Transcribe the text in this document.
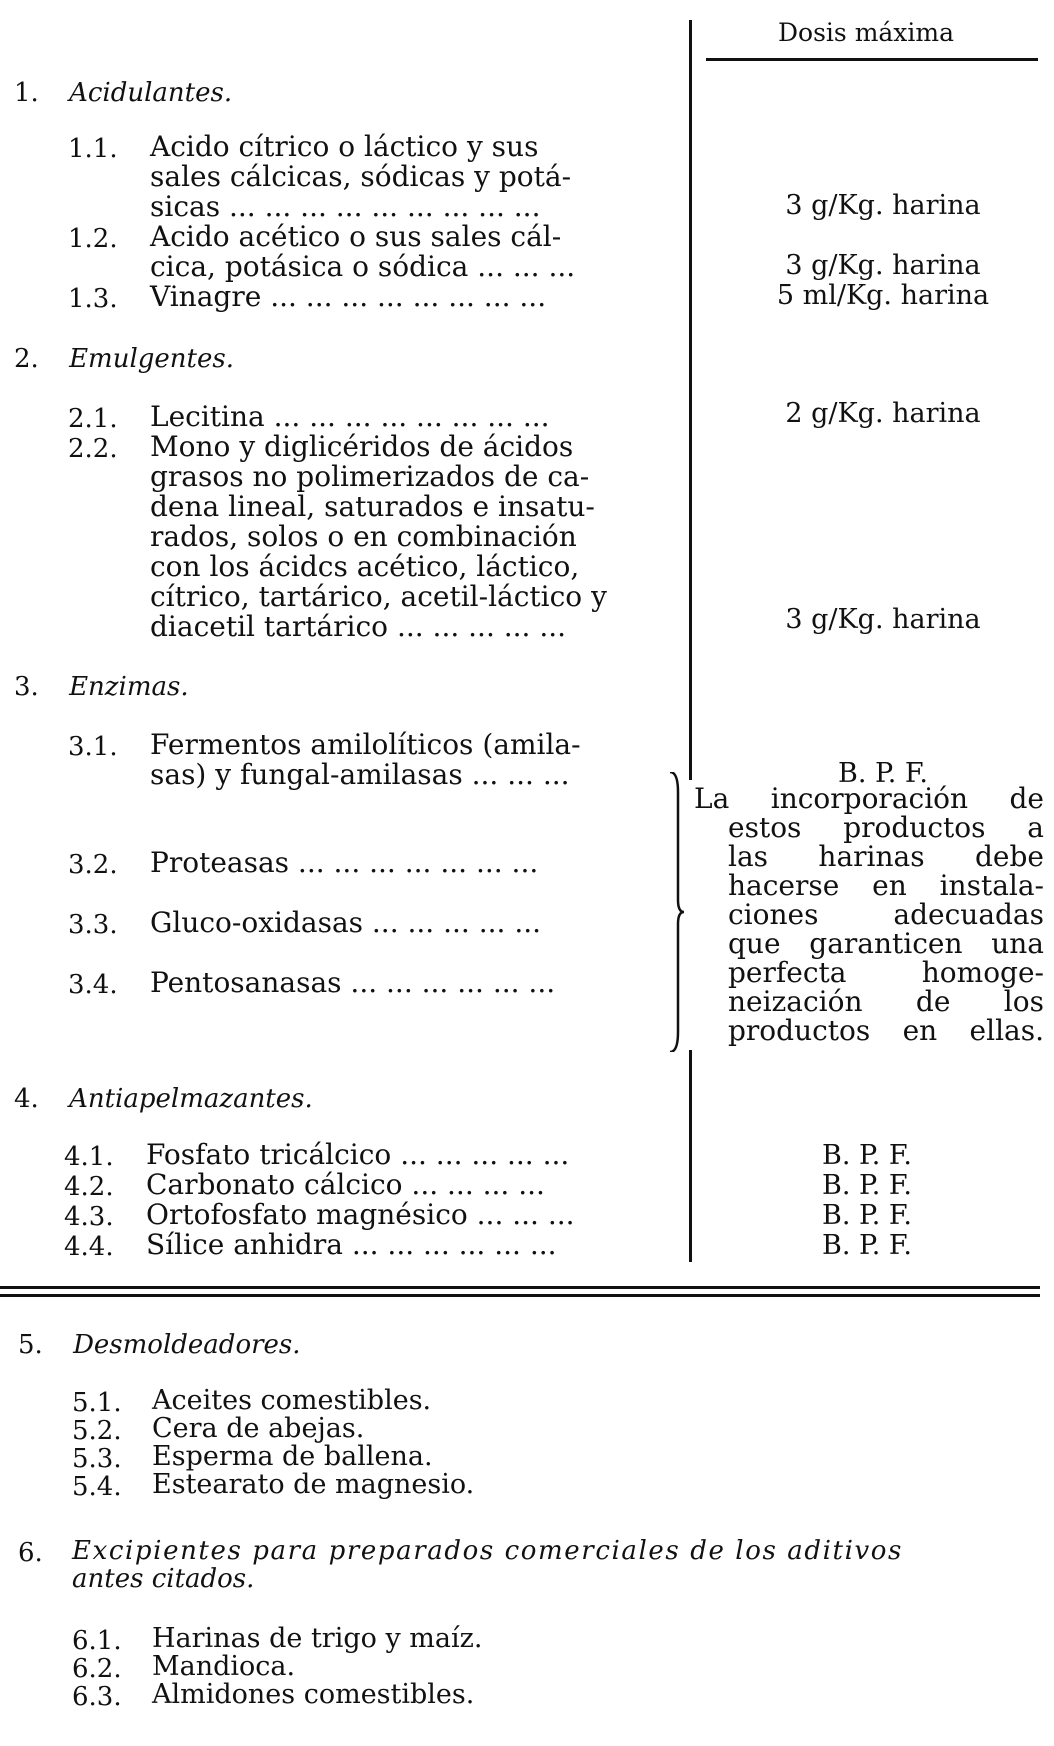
Dosis máxima
1. Acidulantes.
1.1. Acido cítrico o láctico y sus
sales cálcicas, sódicas y potá-
sicas ... ... ... ... ... ... ... ... ...	3 g/Kg. harina
1.2. Acido acético o sus sales cál-
cica, potásica o sódica ... ... ...	3 g/Kg. harina
1.3. Vinagre ... ... ... ... ... ... ... ...	5 ml/Kg. harina
2. Emulgentes.
2.1. Lecitina ... ... ... ... ... ... ... ...	2 g/Kg. harina
2.2. Mono y diglicéridos de ácidos
grasos no polimerizados de ca-
dena lineal, saturados e insatu-
rados, solos o en combinación
con los ácidcs acético, láctico,
cítrico, tartárico, acetil-láctico y
diacetil tartárico ... ... ... ... ...	3 g/Kg. harina
3. Enzimas.
3.1. Fermentos amilolíticos (amila-
sas) y fungal-amilasas ... ... ...	B. P. F.
3.2. Proteasas ... ... ... ... ... ... ...
3.3. Gluco-oxidasas ... ... ... ... ...
3.4. Pentosanasas ... ... ... ... ... ...
La incorporación de
estos productos a
las harinas debe
hacerse en instala-
ciones adecuadas
que garanticen una
perfecta homoge-
neización de los
productos en ellas.
4. Antiapelmazantes.
4.1. Fosfato tricálcico ... ... ... ... ...	B. P. F.
4.2. Carbonato cálcico ... ... ... ...	B. P. F.
4.3. Ortofosfato magnésico ... ... ...	B. P. F.
4.4. Sílice anhidra ... ... ... ... ... ...	B. P. F.
5. Desmoldeadores.
5.1. Aceites comestibles.
5.2. Cera de abejas.
5.3. Esperma de ballena.
5.4. Estearato de magnesio.
6. Excipientes para preparados comerciales de los aditivos
antes citados.
6.1. Harinas de trigo y maíz.
6.2. Mandioca.
6.3. Almidones comestibles.
